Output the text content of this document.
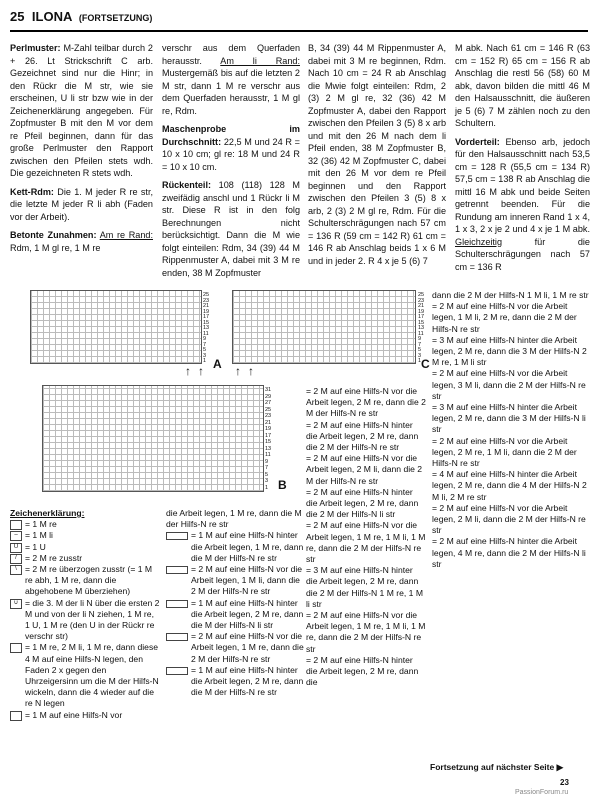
25 ILONA (FORTSETZUNG)

Perlmuster: M-Zahl teilbar durch 2 + 26. Lt Strickschrift C arb. Gezeichnet sind nur die Hinr; in den Rückr die M str, wie sie erscheinen, U li str bzw wie in der Zeichenerklärung angegeben. Für Zopfmuster B mit den M vor dem re Pfeil beginnen, dann für das große Perlmuster den Rapport zwischen den Pfeilen stets wdh. Die gezeichneten R stets wdh.

Kett-Rdm: Die 1. M jeder R re str, die letzte M jeder R li abh (Faden vor der Arbeit).

Betonte Zunahmen: Am re Rand: Rdm, 1 M gl re, 1 M re

verschr aus dem Querfaden herausstr. Am li Rand: Mustergemäß bis auf die letzten 2 M str, dann 1 M re verschr aus dem Querfaden herausstr, 1 M gl re, Rdm.

Maschenprobe im Durchschnitt: 22,5 M und 24 R = 10 x 10 cm; gl re: 18 M und 24 R = 10 x 10 cm.

Rückenteil: 108 (118) 128 M zweifädig anschl und 1 Rückr li M str. Diese R ist in den folg Berechnungen nicht berücksichtigt. Dann die M wie folgt einteilen: Rdm, 34 (39) 44 M Rippenmuster A, dabei mit 3 M re enden, 38 M Zopfmuster

B, 34 (39) 44 M Rippenmuster A, dabei mit 3 M re beginnen, Rdm. Nach 10 cm = 24 R ab Anschlag die Mwie folgt einteilen: Rdm, 2 (3) 2 M gl re, 32 (36) 42 M Zopfmuster A, dabei den Rapport zwischen den Pfeilen 3 (5) 8 x arb und mit den 26 M nach dem li Pfeil enden, 38 M Zopfmuster B, 32 (36) 42 M Zopfmuster C, dabei mit den 26 M vor dem re Pfeil beginnen und den Rapport zwischen den Pfeilen 3 (5) 8 x arb, 2 (3) 2 M gl re, Rdm. Für die Schulterschrägungen nach 57 cm = 136 R (59 cm = 142 R) 61 cm = 146 R ab Anschlag beids 1 x 6 M und in jeder 2. R 4 x je 5 (6) 7

M abk. Nach 61 cm = 146 R (63 cm = 152 R) 65 cm = 156 R ab Anschlag die restl 56 (58) 60 M abk, davon bilden die mittl 46 M den Halsausschnitt, die äußeren je 5 (6) 7 M zählen noch zu den Schultern.

Vorderteil: Ebenso arb, jedoch für den Halsausschnitt nach 53,5 cm = 128 R (55,5 cm = 134 R) 57,5 cm = 138 R ab Anschlag die mittl 16 M abk und beide Seiten getrennt beenden. Für die Rundung am inneren Rand 1 x 4, 1 x 3, 2 x je 2 und 4 x je 1 M abk. Gleichzeitig für die Schulterschrägungen nach 57 cm = 136 R

25
23
21
19
17
15
13
11
9
7
5
3
1 A
↑ ↑
25
23
21
19
17
15
13
11
9
7
5
3
1 C
↑ ↑
31
29
27
25
23
21
19
17
15
13
11
9
7
5
3
1 B
Zeichenerklärung:
= 1 M re
– = 1 M li
U = 1 U
/ = 2 M re zusstr
\ = 2 M re überzogen zusstr (= 1 M re abh, 1 M re, dann die abgehobene M überziehen)
∪ = die 3. M der li N über die ersten 2 M und von der li N ziehen, 1 M re, 1 U, 1 M re (den U in der Rückr re verschr str)
= 1 M re, 2 M li, 1 M re, dann diese 4 M auf eine Hilfs-N legen, den Faden 2 x gegen den Uhrzeigersinn um die M der Hilfs-N wickeln, dann die 4 wieder auf die re N legen
= 1 M auf eine Hilfs-N vor
die Arbeit legen, 1 M re, dann die M der Hilfs-N re str
= 1 M auf eine Hilfs-N hinter die Arbeit legen, 1 M re, dann die M der Hilfs-N re str
= 2 M auf eine Hilfs-N vor die Arbeit legen, 1 M li, dann die 2 M der Hilfs-N re str
= 1 M auf eine Hilfs-N hinter die Arbeit legen, 2 M re, dann die M der Hilfs-N li str
= 2 M auf eine Hilfs-N vor die Arbeit legen, 1 M re, dann die 2 M der Hilfs-N re str
= 1 M auf eine Hilfs-N hinter die Arbeit legen, 2 M re, dann die M der Hilfs-N re str
= 2 M auf eine Hilfs-N vor die Arbeit legen, 2 M re, dann die 2 M der Hilfs-N re str
= 2 M auf eine Hilfs-N hinter die Arbeit legen, 2 M re, dann die 2 M der Hilfs-N re str
= 2 M auf eine Hilfs-N vor die Arbeit legen, 2 M li, dann die 2 M der Hilfs-N re str
= 2 M auf eine Hilfs-N hinter die Arbeit legen, 2 M re, dann die 2 M der Hilfs-N li str
= 2 M auf eine Hilfs-N vor die Arbeit legen, 1 M re, 1 M li, 1 M re, dann die 2 M der Hilfs-N re str
= 3 M auf eine Hilfs-N hinter die Arbeit legen, 2 M re, dann die 2 M der Hilfs-N 1 M re, 1 M li str
= 2 M auf eine Hilfs-N vor die Arbeit legen, 1 M re, 1 M li, 1 M re, dann die 2 M der Hilfs-N re str
= 2 M auf eine Hilfs-N hinter die Arbeit legen, 2 M re, dann die
dann die 2 M der Hilfs-N 1 M li, 1 M re str
= 2 M auf eine Hilfs-N vor die Arbeit legen, 1 M li, 2 M re, dann die 2 M der Hilfs-N re str
= 3 M auf eine Hilfs-N hinter die Arbeit legen, 2 M re, dann die 3 M der Hilfs-N 2 M re, 1 M li str
= 2 M auf eine Hilfs-N vor die Arbeit legen, 3 M li, dann die 2 M der Hilfs-N re str
= 3 M auf eine Hilfs-N hinter die Arbeit legen, 2 M re, dann die 3 M der Hilfs-N li str
= 2 M auf eine Hilfs-N vor die Arbeit legen, 2 M re, 1 M li, dann die 2 M der Hilfs-N re str
= 4 M auf eine Hilfs-N hinter die Arbeit legen, 2 M re, dann die 4 M der Hilfs-N 2 M li, 2 M re str
= 2 M auf eine Hilfs-N vor die Arbeit legen, 2 M li, dann die 2 M der Hilfs-N re str
= 2 M auf eine Hilfs-N hinter die Arbeit legen, 4 M re, dann die 2 M der Hilfs-N li str
Fortsetzung auf nächster Seite ▶
23
PassionForum.ru
